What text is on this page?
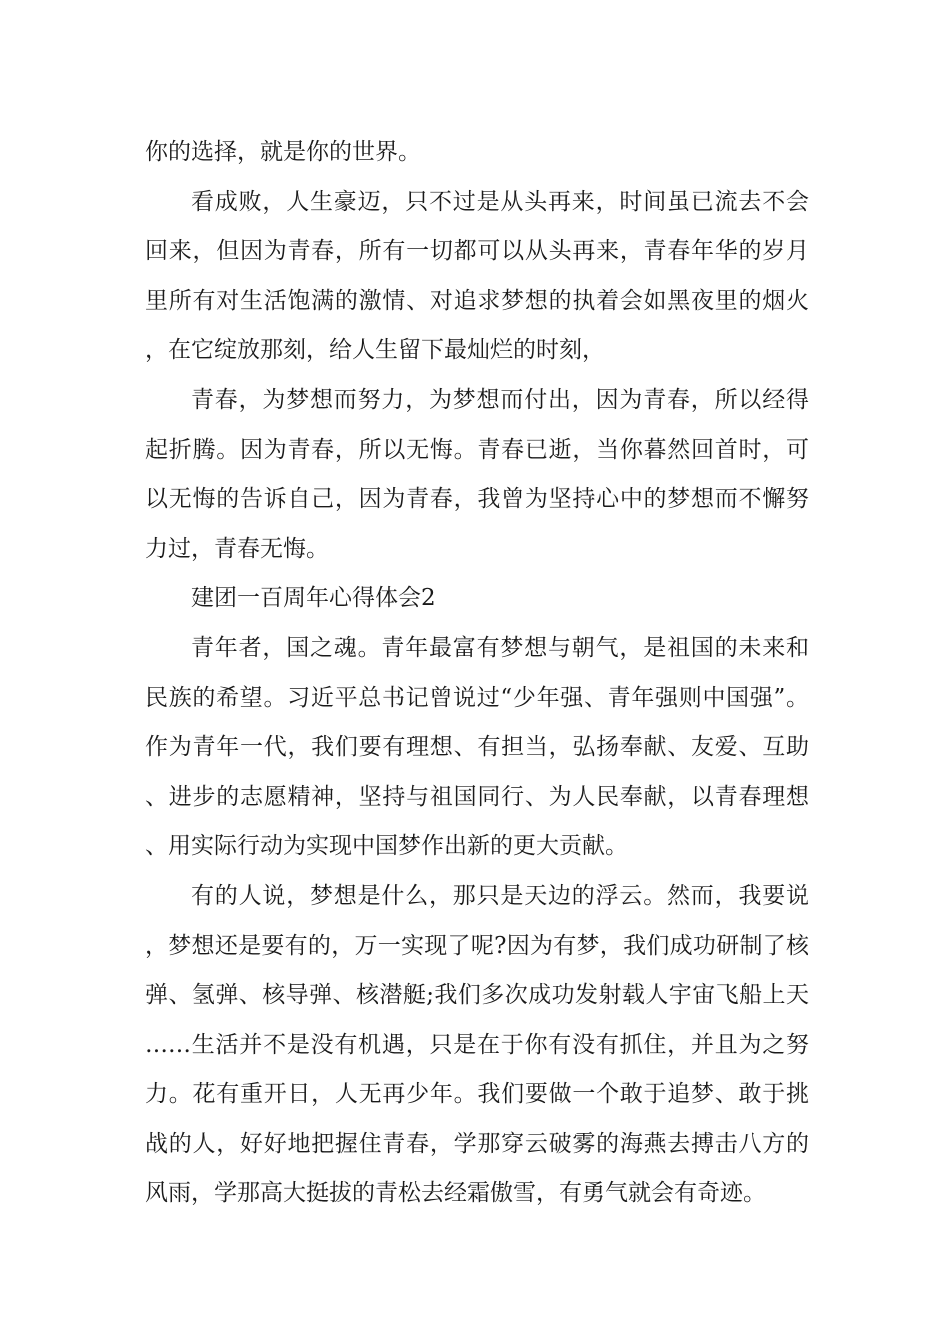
你的选择，就是你的世界。

看成败，人生豪迈，只不过是从头再来，时间虽已流去不会回来，但因为青春，所有一切都可以从头再来，青春年华的岁月里所有对生活饱满的激情、对追求梦想的执着会如黑夜里的烟火，在它绽放那刻，给人生留下最灿烂的时刻，

青春，为梦想而努力，为梦想而付出，因为青春，所以经得起折腾。因为青春，所以无悔。青春已逝，当你暮然回首时，可以无悔的告诉自己，因为青春，我曾为坚持心中的梦想而不懈努力过，青春无悔。

建团一百周年心得体会2

青年者，国之魂。青年最富有梦想与朝气，是祖国的未来和民族的希望。习近平总书记曾说过“少年强、青年强则中国强”。作为青年一代，我们要有理想、有担当，弘扬奉献、友爱、互助、进步的志愿精神，坚持与祖国同行、为人民奉献，以青春理想、用实际行动为实现中国梦作出新的更大贡献。

有的人说，梦想是什么，那只是天边的浮云。然而，我要说，梦想还是要有的，万一实现了呢?因为有梦，我们成功研制了核弹、氢弹、核导弹、核潜艇;我们多次成功发射载人宇宙飞船上天……生活并不是没有机遇，只是在于你有没有抓住，并且为之努力。花有重开日，人无再少年。我们要做一个敢于追梦、敢于挑战的人，好好地把握住青春，学那穿云破雾的海燕去搏击八方的风雨，学那高大挺拔的青松去经霜傲雪，有勇气就会有奇迹。
